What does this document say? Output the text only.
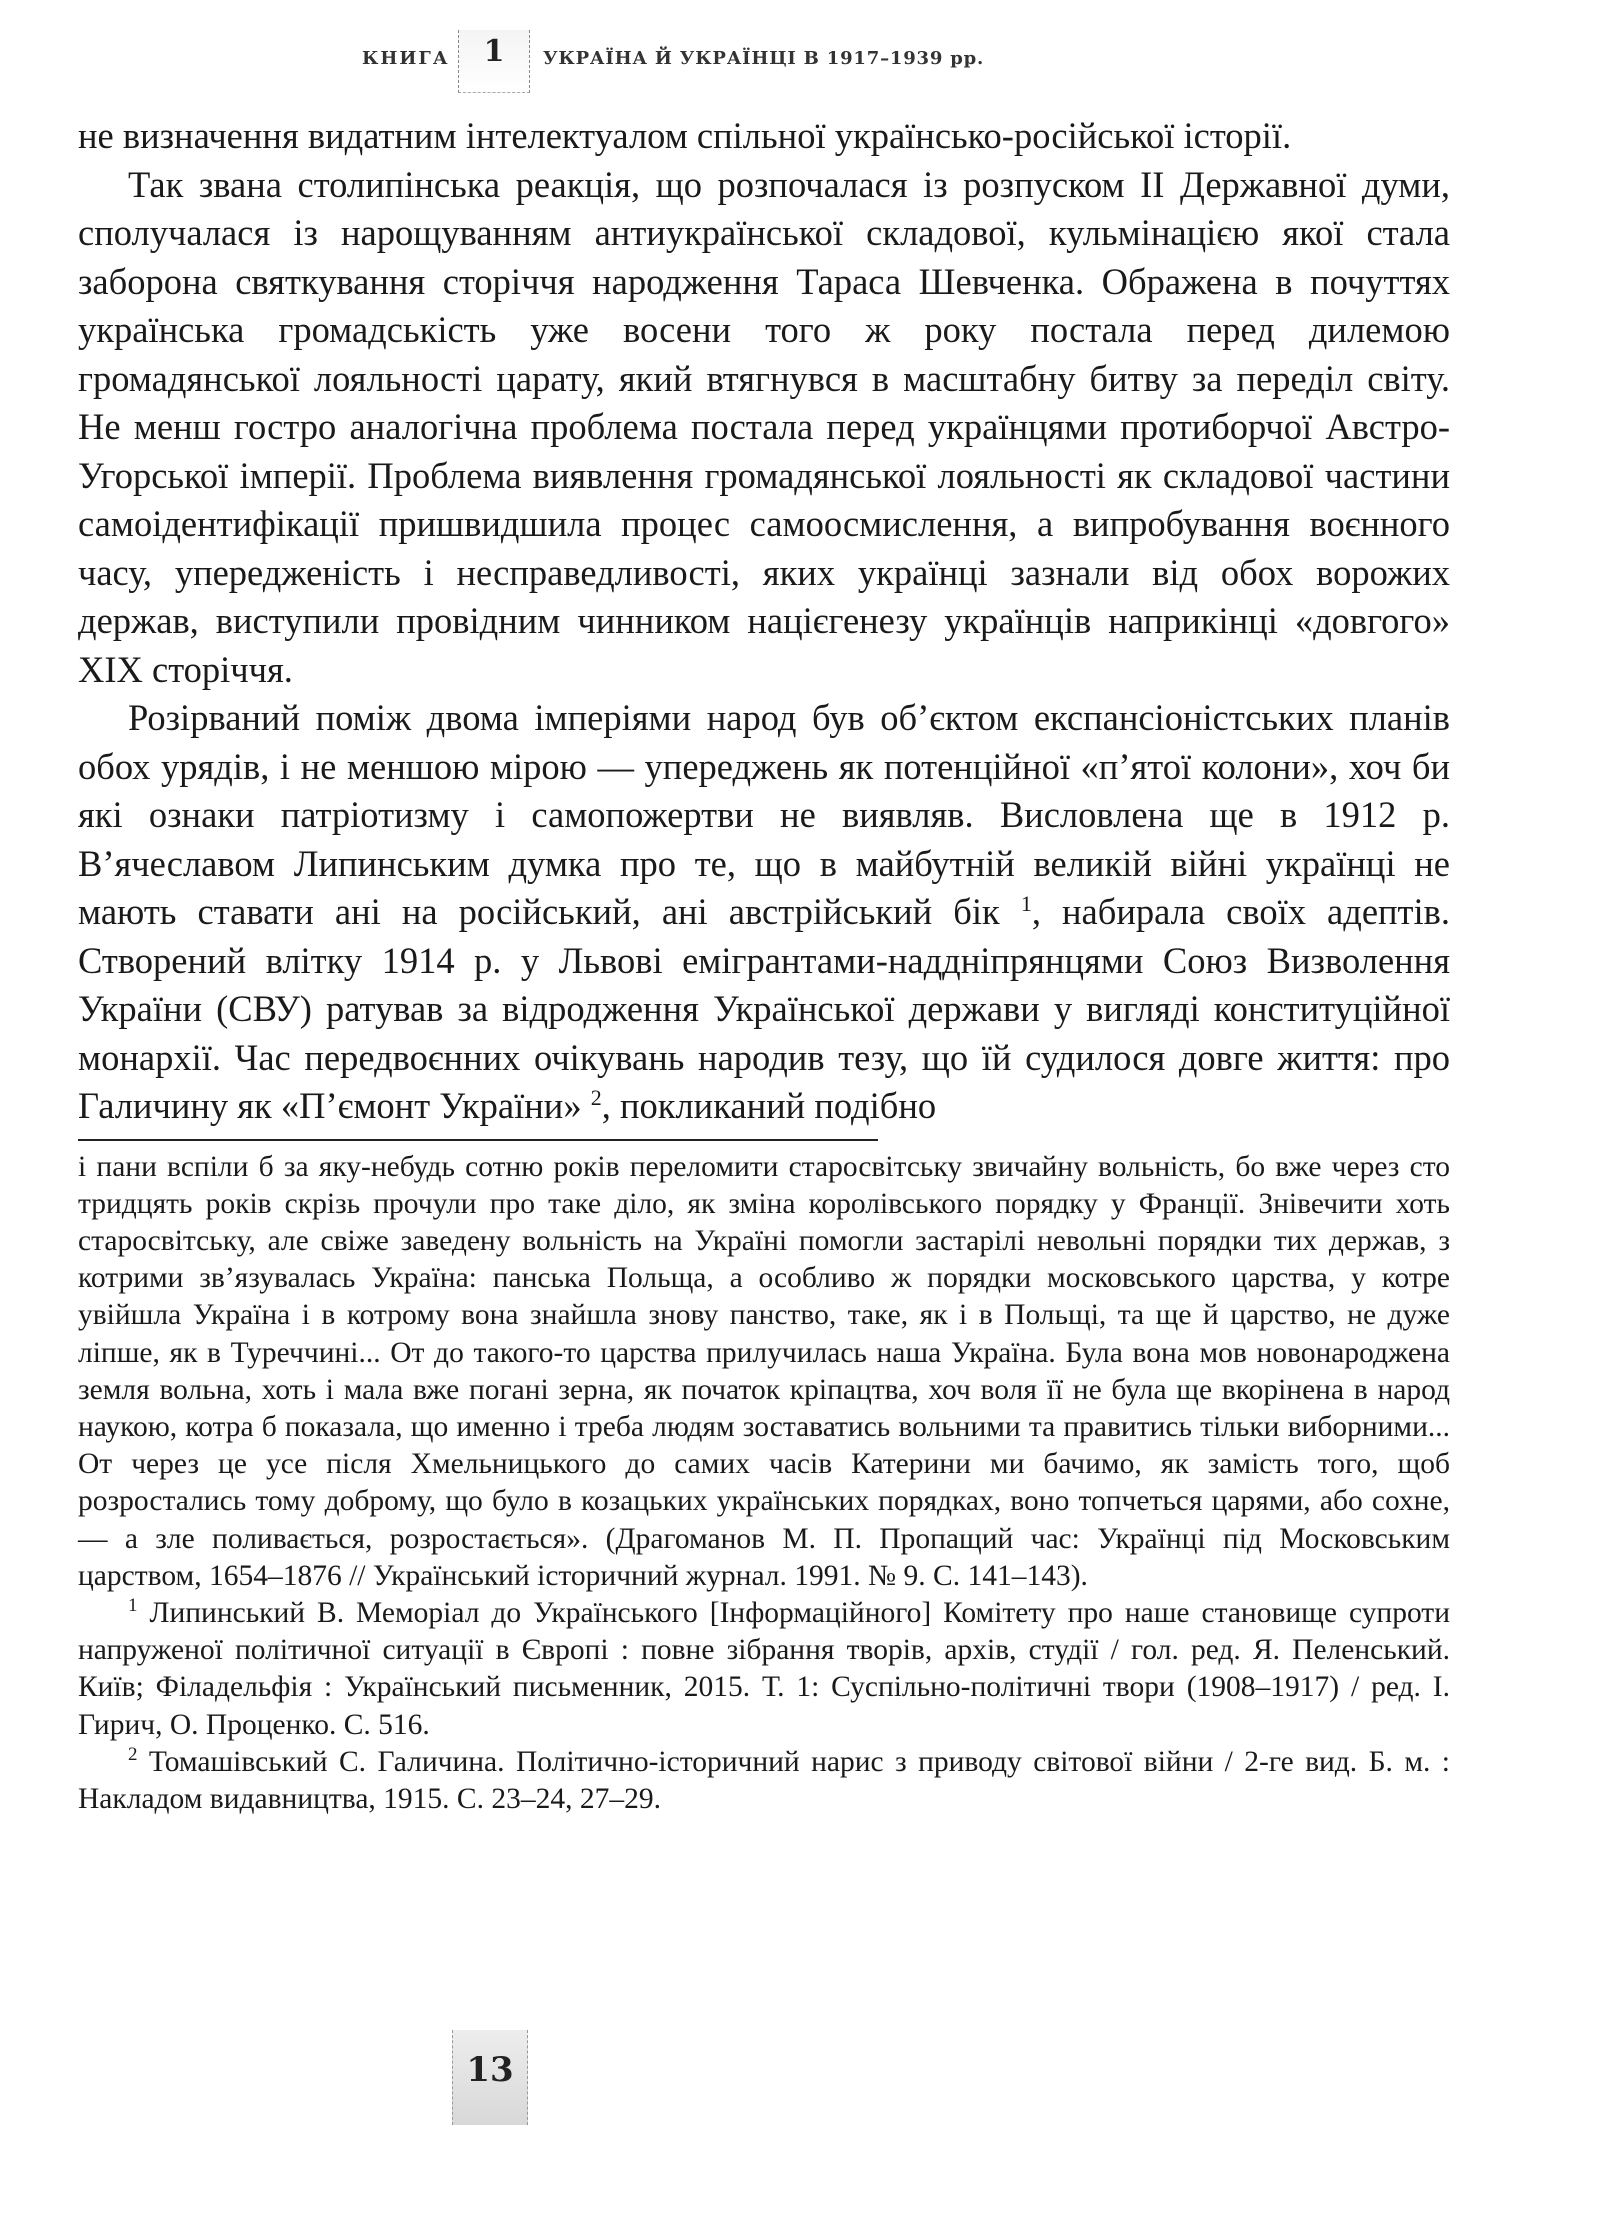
КНИГА	1	УКРАЇНА Й УКРАЇНЦІ В 1917–1939 рр.

не визначення видатним інтелектуалом спільної українсько-російської історії.

Так звана столипінська реакція, що розпочалася із розпуском II Державної думи, сполучалася із нарощуванням антиукраїнської складової, кульмінацією якої стала заборона святкування сторіччя народження Тараса Шевченка. Ображена в почуттях українська громадськість уже восени того ж року постала перед дилемою громадянської лояльності царату, який втягнувся в масштабну битву за переділ світу. Не менш гостро аналогічна проблема постала перед українцями протиборчої Австро-Угорської імперії. Проблема виявлення громадянської лояльності як складової частини самоідентифікації пришвидшила процес самоосмислення, а випробування воєнного часу, упередженість і несправедливості, яких українці зазнали від обох ворожих держав, виступили провідним чинником націєгенезу українців наприкінці «довгого» XIX сторіччя.

Розірваний поміж двома імперіями народ був об’єктом експансіоністських планів обох урядів, і не меншою мірою — упереджень як потенційної «п’ятої колони», хоч би які ознаки патріотизму і самопожертви не виявляв. Висловлена ще в 1912 р. В’ячеславом Липинським думка про те, що в майбутній великій війні українці не мають ставати ані на російський, ані австрійський бік $^1$, набирала своїх адептів. Створений влітку 1914 р. у Львові емігрантами-наддніпрянцями Союз Визволення України (СВУ) ратував за відродження Української держави у вигляді конституційної монархії. Час передвоєнних очікувань народив тезу, що їй судилося довге життя: про Галичину як «П’ємонт України» $^2$, покликаний подібно

і пани вспіли б за яку-небудь сотню років переломити старосвітську звичайну вольність, бо вже через сто тридцять років скрізь прочули про таке діло, як зміна королівського порядку у Франції. Знівечити хоть старосвітську, але свіже заведену вольність на Україні помогли застарілі невольні порядки тих держав, з котрими зв’язувалась Україна: панська Польща, а особливо ж порядки московського царства, у котре увійшла Україна і в котрому вона знайшла знову панство, таке, як і в Польщі, та ще й царство, не дуже ліпше, як в Туреччині... От до такого-то царства прилучилась наша Україна. Була вона мов новонароджена земля вольна, хоть і мала вже погані зерна, як початок кріпацтва, хоч воля її не була ще вкорінена в народ наукою, котра б показала, що именно і треба людям зоставатись вольними та правитись тільки виборними... От через це усе після Хмельницького до самих часів Катерини ми бачимо, як замість того, щоб розростались тому доброму, що було в козацьких українських порядках, воно топчеться царями, або сохне, — а зле поливається, розростається». (Драгоманов М. П. Пропащий час: Українці під Московським царством, 1654–1876 // Український історичний журнал. 1991. № 9. С. 141–143).

$^1$ Липинський В. Меморіал до Українського [Інформаційного] Комітету про наше становище супроти напруженої політичної ситуації в Європі : повне зібрання творів, архів, студії / гол. ред. Я. Пеленський. Київ; Філадельфія : Український письменник, 2015. Т. 1: Суспільно-політичні твори (1908–1917) / ред. І. Гирич, О. Проценко. С. 516.

$^2$ Томашівський С. Галичина. Політично-історичний нарис з приводу світової війни / 2-ге вид. Б. м. : Накладом видавництва, 1915. С. 23–24, 27–29.

13
